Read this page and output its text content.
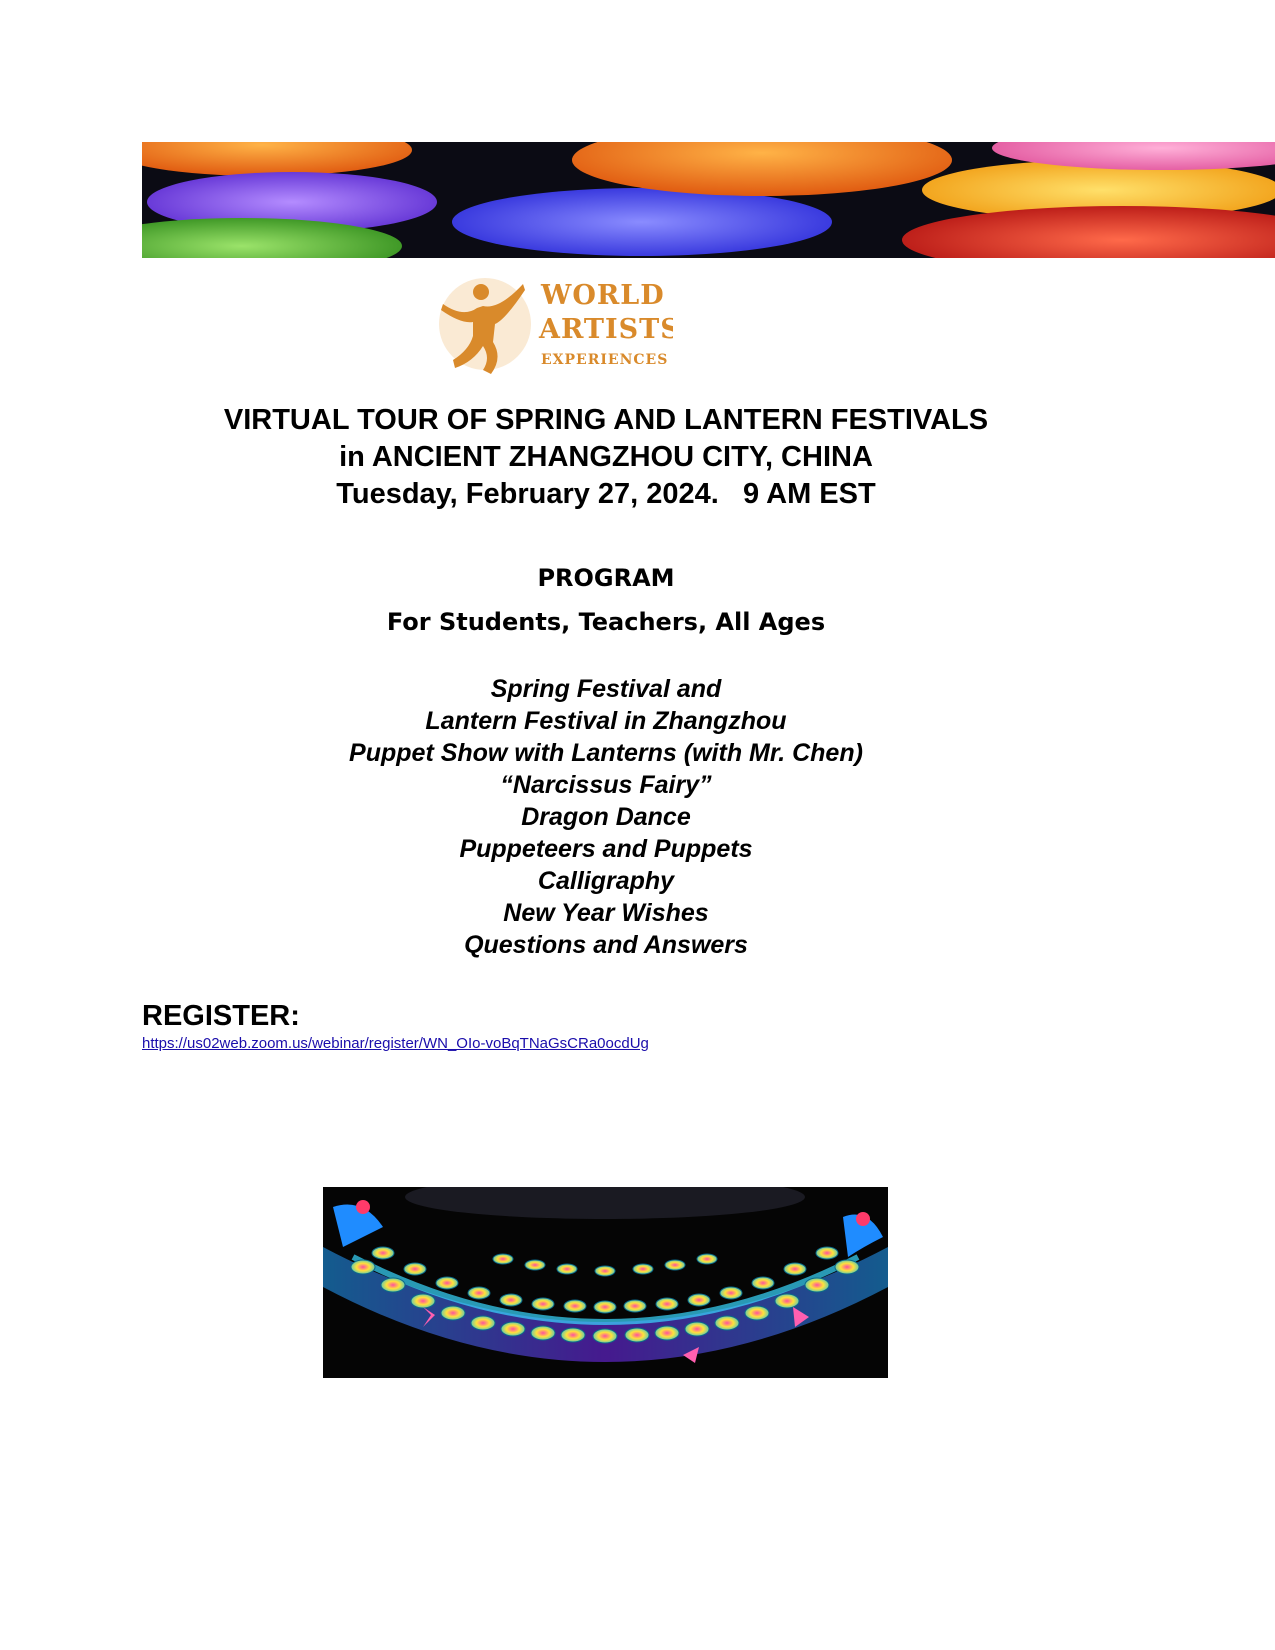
WORLD
ARTISTS
EXPERIENCES
VIRTUAL TOUR OF SPRING AND LANTERN FESTIVALS
in ANCIENT ZHANGZHOU CITY, CHINA
Tuesday, February 27, 2024.   9 AM EST
PROGRAM
For Students, Teachers, All Ages
Spring Festival and
Lantern Festival in Zhangzhou
Puppet Show with Lanterns (with Mr. Chen)
“Narcissus Fairy”
Dragon Dance
Puppeteers and Puppets
Calligraphy
New Year Wishes
Questions and Answers
REGISTER:
https://us02web.zoom.us/webinar/register/WN_OIo-voBqTNaGsCRa0ocdUg
